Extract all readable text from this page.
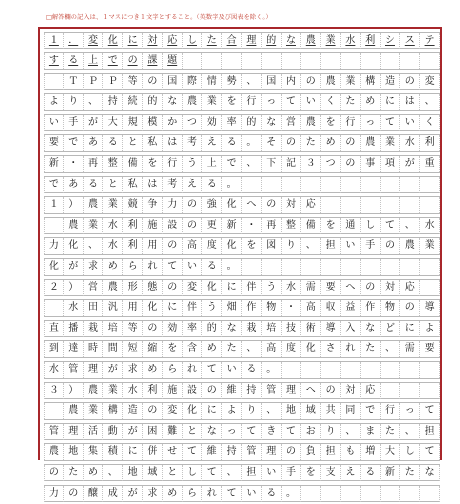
□解答欄の記入は、１マスにつき１文字とすること。（英数字及び図表を除く。）
１ ． 変 化 に 対 応 し た 合 理 的 な 農 業 水 利 シ ス テ
す る 上 で の 課 題

Ｔ Ｐ Ｐ 等 の 国 際 情 勢 、 国 内 の 農 業 構 造 の 変
よ り 、 持 続 的 な 農 業 を 行 っ て い く た め に は 、
い 手 が 大 規 模 か つ 効 率 的 な 営 農 を 行 っ て い く
要 で あ る と 私 は 考 え る 。 そ の た め の 農 業 水 利
新 ・ 再 整 備 を 行 う 上 で 、 下 記 ３ つ の 事 項 が 重
で あ る と 私 は 考 え る 。
１ ） 農 業 競 争 力 の 強 化 へ の 対 応

農 業 水 利 施 設 の 更 新 ・ 再 整 備 を 通 し て 、 水
力 化 、 水 利 用 の 高 度 化 を 図 り 、 担 い 手 の 農 業
化 が 求 め ら れ て い る 。
２ ） 営 農 形 態 の 変 化 に 伴 う 水 需 要 へ の 対 応

水 田 汎 用 化 に 伴 う 畑 作 物 ・ 高 収 益 作 物 の 導
直 播 栽 培 等 の 効 率 的 な 栽 培 技 術 導 入 な ど に よ
到 達 時 間 短 縮 を 含 め た 、 高 度 化 さ れ た 、 需 要
水 管 理 が 求 め ら れ て い る 。
３ ） 農 業 水 利 施 設 の 維 持 管 理 へ の 対 応

農 業 構 造 の 変 化 に よ り 、 地 域 共 同 で 行 っ て
管 理 活 動 が 困 難 と な っ て き て お り 、 ま た 、 担
農 地 集 積 に 併 せ て 維 持 管 理 の 負 担 も 増 大 し て
の た め 、 地 域 と し て 、 担 い 手 を 支 え る 新 た な
力 の 醸 成 が 求 め ら れ て い る 。
